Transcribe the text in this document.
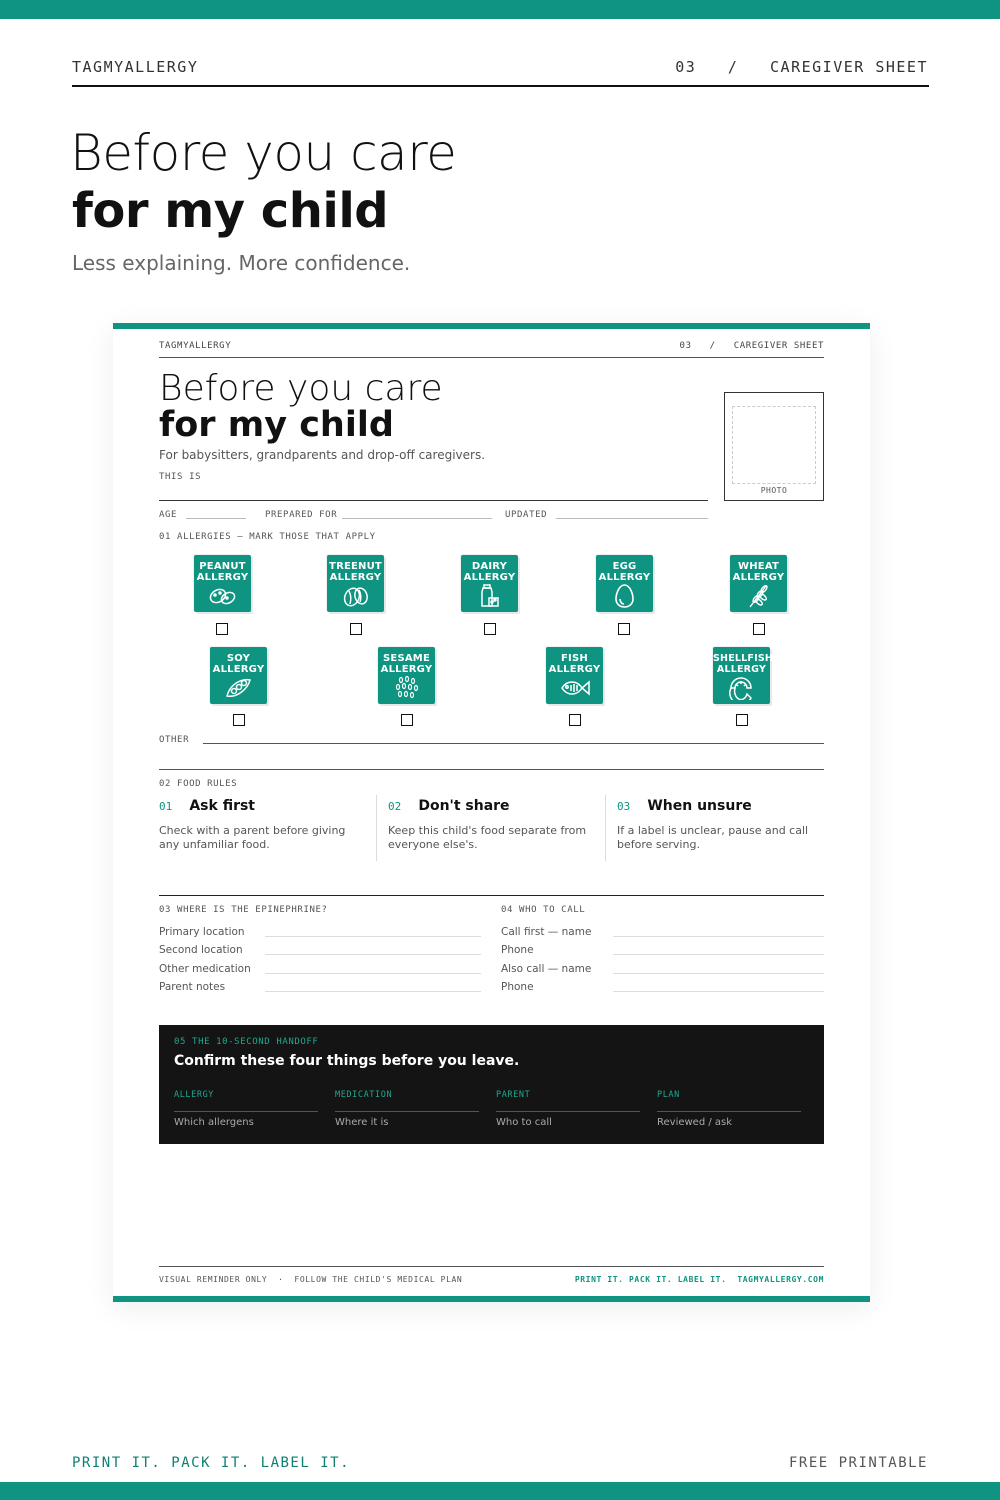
TAGMYALLERGY	03   /   CAREGIVER SHEET
Before you care
for my child
Less explaining. More confidence.
TAGMYALLERGY	03   /   CAREGIVER SHEET
Before you care
for my child
For babysitters, grandparents and drop-off caregivers.
THIS IS
PHOTO
AGE	PREPARED FOR	UPDATED
01 ALLERGIES — MARK THOSE THAT APPLY
PEANUT
ALLERGY
TREENUT
ALLERGY
DAIRY
ALLERGY
EGG
ALLERGY
WHEAT
ALLERGY
SOY
ALLERGY
SESAME
ALLERGY
FISH
ALLERGY
SHELLFISH
ALLERGY
OTHER
02 FOOD RULES
01 Ask first
Check with a parent before giving any unfamiliar food.
02 Don't share
Keep this child's food separate from everyone else's.
03 When unsure
If a label is unclear, pause and call before serving.
03 WHERE IS THE EPINEPHRINE?
Primary location
Second location
Other medication
Parent notes
04 WHO TO CALL
Call first — name
Phone
Also call — name
Phone
05 THE 10-SECOND HANDOFF
Confirm these four things before you leave.
ALLERGY
Which allergens
MEDICATION
Where it is
PARENT
Who to call
PLAN
Reviewed / ask
VISUAL REMINDER ONLY  ·  FOLLOW THE CHILD'S MEDICAL PLAN	PRINT IT. PACK IT. LABEL IT.  TAGMYALLERGY.COM
PRINT IT. PACK IT. LABEL IT.	FREE PRINTABLE
